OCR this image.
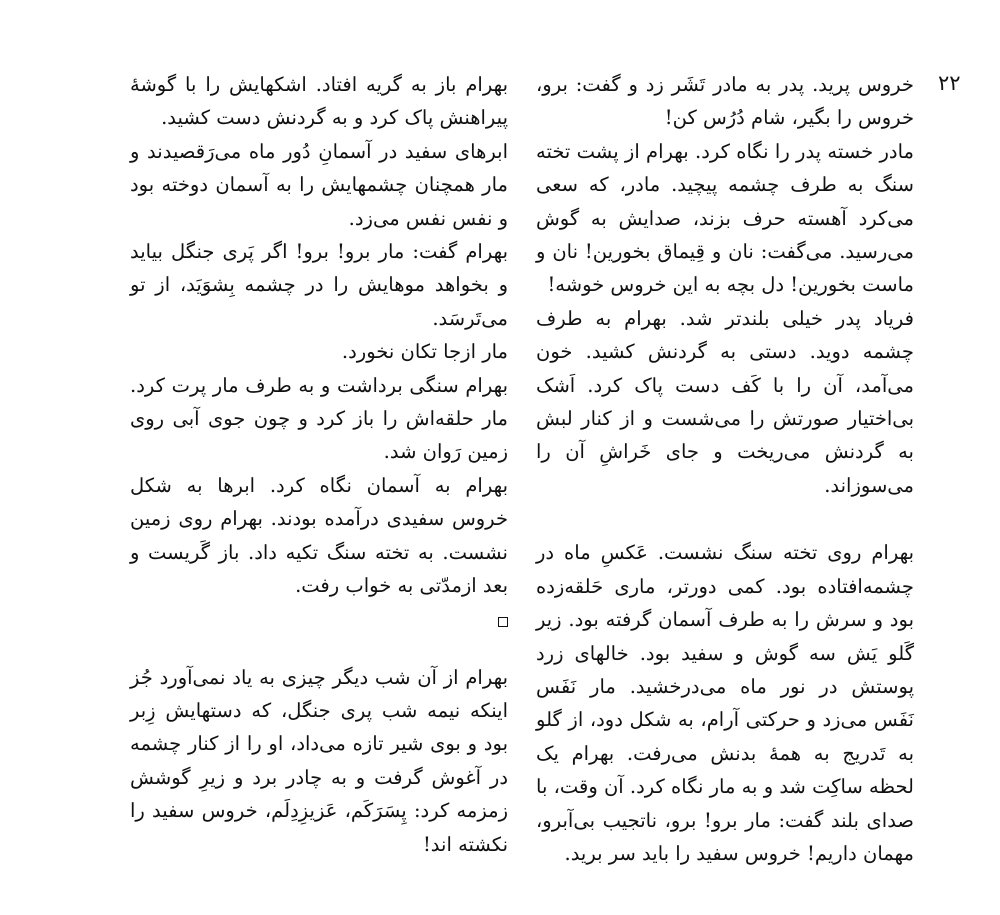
۲۲

خروس پرید. پدر به مادر تَشَر زد و گفت: برو، خروس را بگیر، شام دُرُس کن!

مادر خسته پدر را نگاه کرد. بهرام از پشت تخته سنگ به طرف چشمه پیچید. مادر، که سعی می‌کرد آهسته حرف بزند، صدایش به گوش می‌رسید. می‌گفت: نان و قِیماق بخورین! نان و ماست بخورین! دل بچه به این خروس خوشه!

فریاد پدر خیلی بلندتر شد. بهرام به طرف چشمه دوید. دستی به گردنش کشید. خون می‌آمد، آن را با کَف دست پاک کرد. اَشک بی‌اختیار صورتش را می‌شست و از کنار لبش به گردنش می‌ریخت و جای خَراشِ آن را می‌سوزاند.

بهرام روی تخته سنگ نشست. عَکسِ ماه در چشمه‌افتاده بود. کمی دورتر، ماری حَلقه‌زده بود و سرش را به طرف آسمان گرفته بود. زیر گَلو یَش سه گوش و سفید بود. خالهای زرد پوستش در نور ماه می‌درخشید. مار نَفَس نَفَس می‌زد و حرکتی آرام، به شکل دود، از گلو به تَدریج به همهٔ بدنش می‌رفت. بهرام یک لحظه ساکِت شد و به مار نگاه کرد. آن وقت، با صدای بلند گفت: مار برو! برو، ناتجیب بی‌آبرو، مهمان داریم! خروس سفید را باید سر برید.

بهرام باز به گریه افتاد. اشکهایش را با گوشهٔ پیراهنش پاک کرد و به گردنش دست کشید.

ابرهای سفید در آسمانِ دُور ماه می‌رَقصیدند و مار همچنان چشمهایش را به آسمان دوخته بود و نفس نفس می‌زد.

بهرام گفت: مار برو! برو! اگر پَری جنگل بیاید و بخواهد موهایش را در چشمه بِشوَیَد، از تو می‌تَرسَد.

مار ازجا تکان نخورد.

بهرام سنگی برداشت و به طرف مار پرت کرد. مار حلقه‌اش را باز کرد و چون جوی آبی روی زمین رَوان شد.

بهرام به آسمان نگاه کرد. ابرها به شکل خروس سفیدی درآمده بودند. بهرام روی زمین نشست. به تخته سنگ تکیه داد. باز گَریست و بعد ازمدّتی به خواب رفت.

بهرام از آن شب دیگر چیزی به یاد نمی‌آورد جُز اینکه نیمه شب پری جنگل، که دستهایش زِبر بود و بوی شیر تازه می‌داد، او را از کنار چشمه در آغوش گرفت و به چادر برد و زیرِ گوشش زمزمه کرد: پِسَرَکَم، عَزیزِدِلَم، خروس سفید را نکشته اند!
